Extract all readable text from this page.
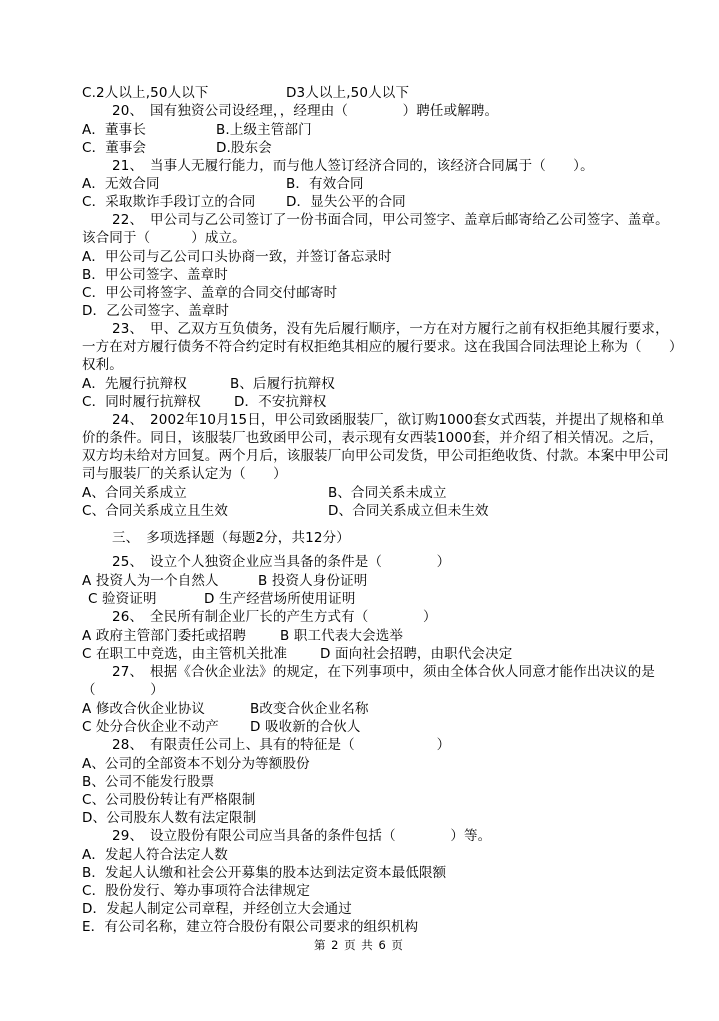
C.2人以上,50人以下	D3人以上,50人以下
20、　国有独资公司设经理，，经理由（　　　　）聘任或解聘。
A．董事长	B.上级主管部门
C．董事会	D.股东会
21、　当事人无履行能力，而与他人签订经济合同的，该经济合同属于（　　）。
A．无效合同	B．有效合同
C．采取欺诈手段订立的合同 D．显失公平的合同
22、　甲公司与乙公司签订了一份书面合同，甲公司签字、盖章后邮寄给乙公司签字、盖章。
该合同于（　　　）成立。
A．甲公司与乙公司口头协商一致，并签订备忘录时
B．甲公司签字、盖章时
C．甲公司将签字、盖章的合同交付邮寄时
D．乙公司签字、盖章时
23、　甲、乙双方互负债务，没有先后履行顺序，一方在对方履行之前有权拒绝其履行要求，
一方在对方履行债务不符合约定时有权拒绝其相应的履行要求。这在我国合同法理论上称为（　　）
权利。
A．先履行抗辩权	B、后履行抗辩权
C．同时履行抗辩权 D．不安抗辩权
24、　2002年10月15日，甲公司致函服装厂，欲订购1000套女式西装，并提出了规格和单
价的条件。同日，该服装厂也致函甲公司，表示现有女西装1000套，并介绍了相关情况。之后，
双方均未给对方回复。两个月后，该服装厂向甲公司发货，甲公司拒绝收货、付款。本案中甲公司
司与服装厂的关系认定为（　　）
A、合同关系成立	B、合同关系未成立
C、合同关系成立且生效	D、合同关系成立但未生效
三、　多项选择题（每题2分，共12分）
25、　设立个人独资企业应当具备的条件是（　　　　）
A 投资人为一个自然人	B 投资人身份证明
C 验资证明	D 生产经营场所使用证明
26、　全民所有制企业厂长的产生方式有（　　　　）
A 政府主管部门委托或招聘	B 职工代表大会选举
C 在职工中竞选，由主管机关批准 D 面向社会招聘，由职代会决定
27、　根据《合伙企业法》的规定，在下列事项中，须由全体合伙人同意才能作出决议的是
（　　　　）
A 修改合伙企业协议	B改变合伙企业名称
C 处分合伙企业不动产 D 吸收新的合伙人
28、　有限责任公司上、具有的特征是（　　　　　　）
A、公司的全部资本不划分为等额股份
B、公司不能发行股票
C、公司股份转让有严格限制
D、公司股东人数有法定限制
29、　设立股份有限公司应当具备的条件包括（　　　　）等。
A．发起人符合法定人数
B．发起人认缴和社会公开募集的股本达到法定资本最低限额
C．股份发行、筹办事项符合法律规定
D．发起人制定公司章程，并经创立大会通过
E．有公司名称，建立符合股份有限公司要求的组织机构
第 2 页 共 6 页
